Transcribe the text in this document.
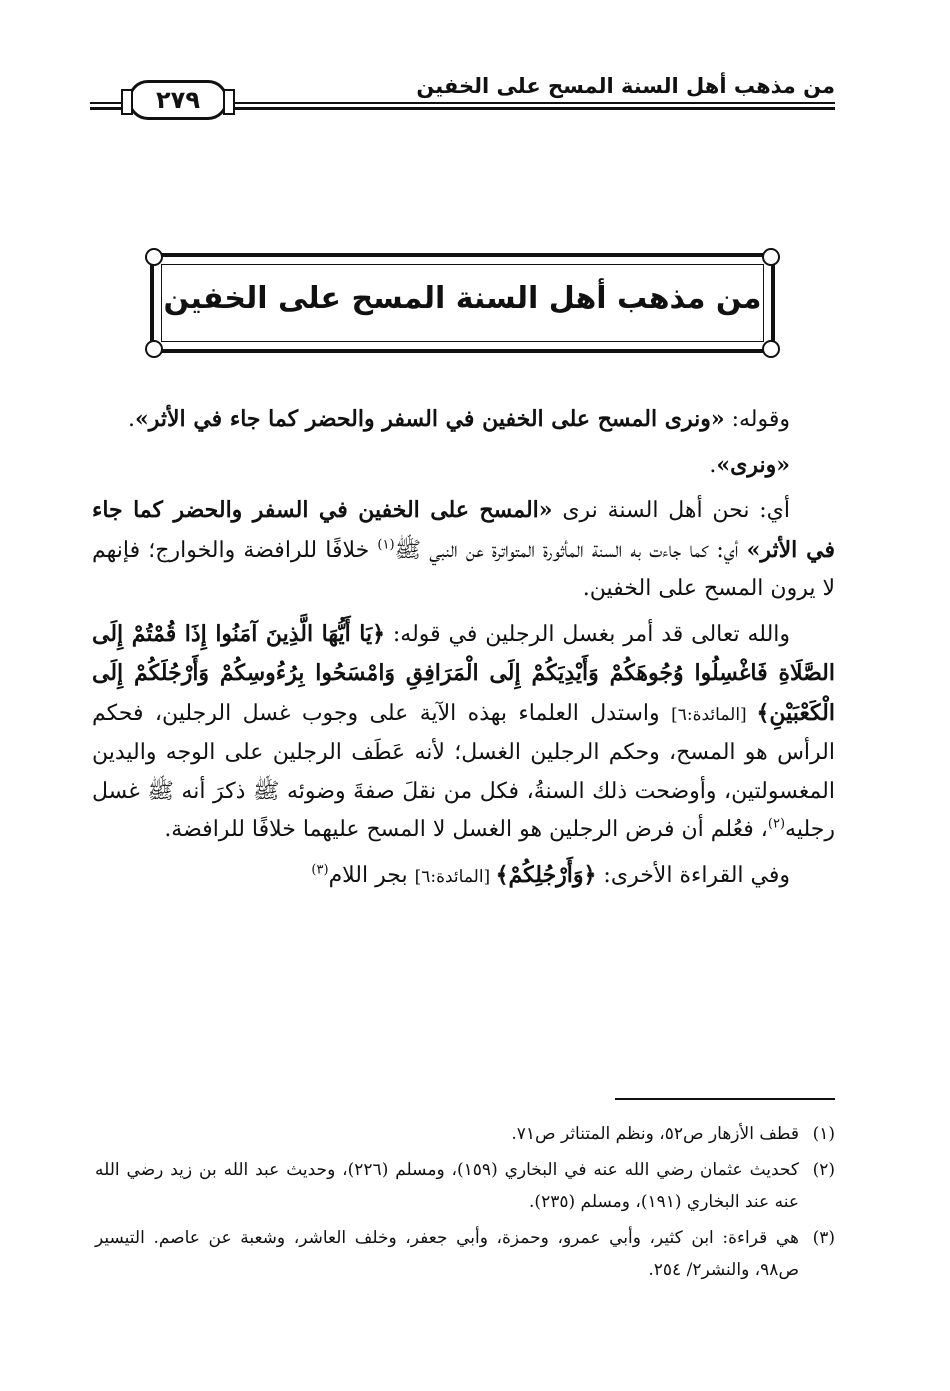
من مذهب أهل السنة المسح على الخفين
٢٧٩
من مذهب أهل السنة المسح على الخفين

وقوله: «ونرى المسح على الخفين في السفر والحضر كما جاء في الأثر».

«ونرى».

أي: نحن أهل السنة نرى «المسح على الخفين في السفر والحضر كما جاء في الأثر» أي: كما جاءت به السنة المأثورة المتواترة عن النبي ﷺ$^{(١)}$ خلافًا للرافضة والخوارج؛ فإنهم لا يرون المسح على الخفين.

والله تعالى قد أمر بغسل الرجلين في قوله: ﴿يَا أَيُّهَا الَّذِينَ آمَنُوا إِذَا قُمْتُمْ إِلَى الصَّلَاةِ فَاغْسِلُوا وُجُوهَكُمْ وَأَيْدِيَكُمْ إِلَى الْمَرَافِقِ وَامْسَحُوا بِرُءُوسِكُمْ وَأَرْجُلَكُمْ إِلَى الْكَعْبَيْنِ﴾ [المائدة:٦] واستدل العلماء بهذه الآية على وجوب غسل الرجلين، فحكم الرأس هو المسح، وحكم الرجلين الغسل؛ لأنه عَطَف الرجلين على الوجه واليدين المغسولتين، وأوضحت ذلك السنةُ، فكل من نقلَ صفةَ وضوئه ﷺ ذكرَ أنه ﷺ غسل رجليه$^{(٢)}$، فعُلم أن فرض الرجلين هو الغسل لا المسح عليهما خلافًا للرافضة.

وفي القراءة الأخرى: ﴿وَأَرْجُلِكُمْ﴾ [المائدة:٦] بجر اللام$^{(٣)}$

(١)
قطف الأزهار ص٥٢، ونظم المتناثر ص٧١.
(٢)
كحديث عثمان رضي الله عنه في البخاري (١٥٩)، ومسلم (٢٢٦)، وحديث عبد الله بن زيد رضي الله عنه عند البخاري (١٩١)، ومسلم (٢٣٥).
(٣)
هي قراءة: ابن كثير، وأبي عمرو، وحمزة، وأبي جعفر، وخلف العاشر، وشعبة عن عاصم. التيسير ص٩٨، والنشر٢/ ٢٥٤.
